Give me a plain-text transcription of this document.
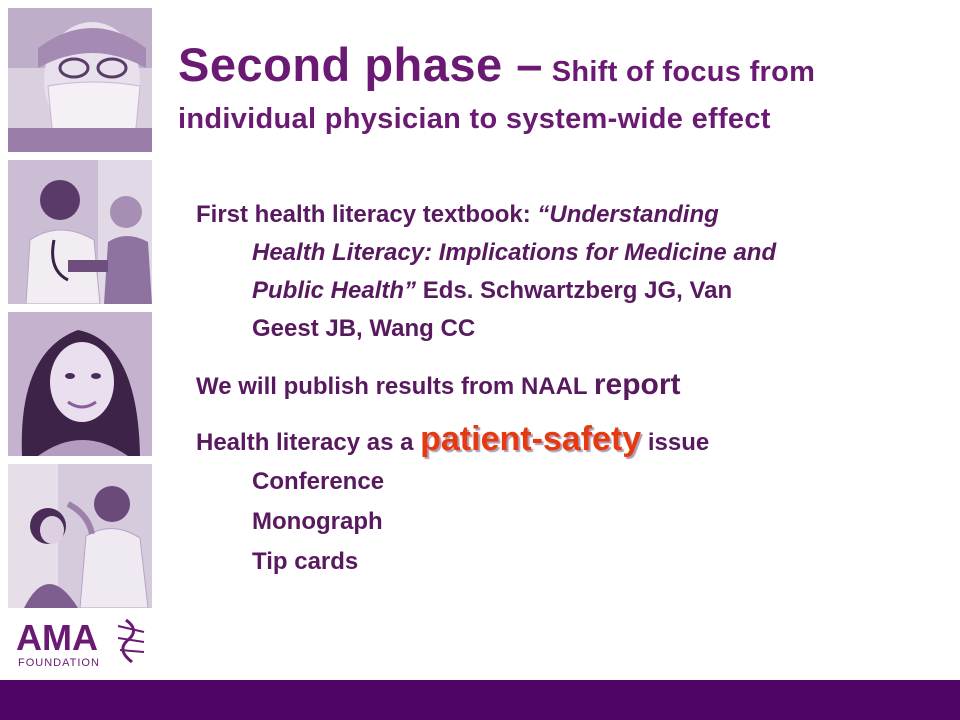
AMA
FOUNDATION
Second phase – Shift of focus from
individual physician to system-wide effect

First health literacy textbook: “Understanding
Health Literacy: Implications for Medicine and
Public Health” Eds. Schwartzberg JG, Van
Geest JB, Wang CC

We will publish results from NAAL report

Health literacy as a patient-safety issue
Conference
Monograph
Tip cards
